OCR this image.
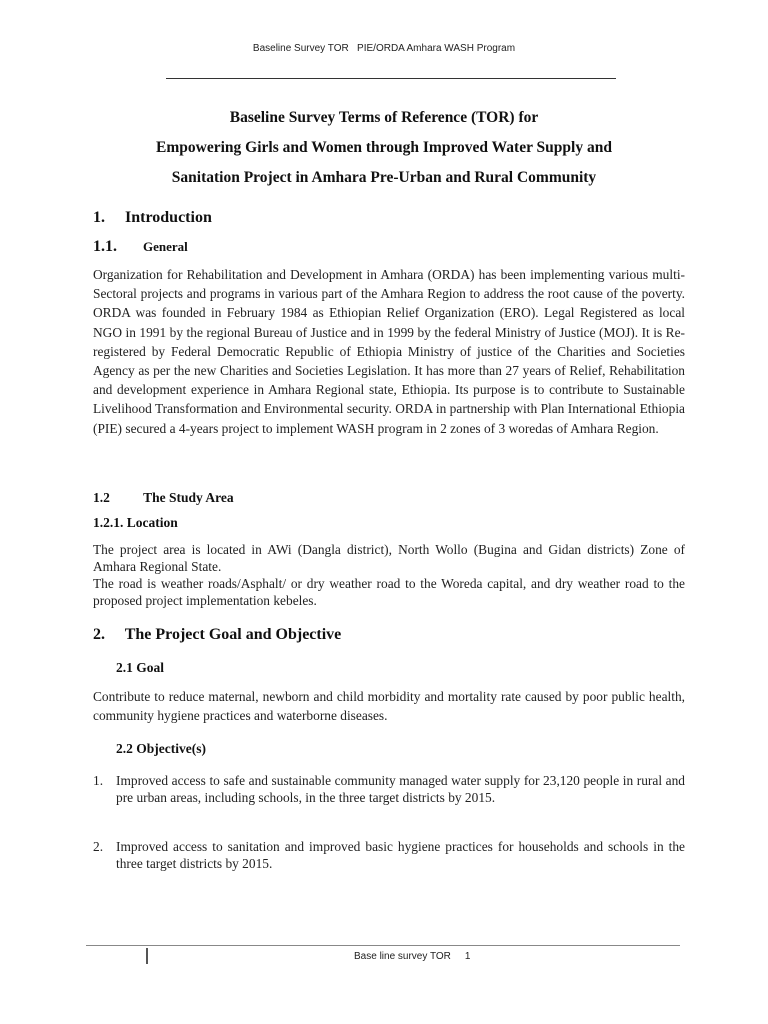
Baseline Survey TOR   PIE/ORDA Amhara WASH Program
Baseline Survey Terms of Reference (TOR) for
Empowering Girls and Women through Improved Water Supply and
Sanitation Project in Amhara Pre-Urban and Rural Community
1. Introduction
1.1. General

Organization for Rehabilitation and Development in Amhara (ORDA) has been implementing various multi-Sectoral projects and programs in various part of the Amhara Region to address the root cause of the poverty. ORDA was founded in February 1984 as Ethiopian Relief Organization (ERO). Legal Registered as local NGO in 1991 by the regional Bureau of Justice and in 1999 by the federal Ministry of Justice (MOJ). It is Re-registered by Federal Democratic Republic of Ethiopia Ministry of justice of the Charities and Societies Agency as per the new Charities and Societies Legislation. It has more than 27 years of Relief, Rehabilitation and development experience in Amhara Regional state, Ethiopia. Its purpose is to contribute to Sustainable Livelihood Transformation and Environmental security. ORDA in partnership with Plan International Ethiopia (PIE) secured a 4-years project to implement WASH program in 2 zones of 3 woredas of Amhara Region.

1.2 The Study Area
1.2.1. Location

The project area is located in AWi (Dangla district), North Wollo (Bugina and Gidan districts) Zone of Amhara Regional State.

The road is weather roads/Asphalt/ or dry weather road to the Woreda capital, and dry weather road to the proposed project implementation kebeles.

2. The Project Goal and Objective
2.1 Goal

Contribute to reduce maternal, newborn and child morbidity and mortality rate caused by poor public health, community hygiene practices and waterborne diseases.

2.2 Objective(s)
1. Improved access to safe and sustainable community managed water supply for 23,120 people in rural and pre urban areas, including schools, in the three target districts by 2015.
2. Improved access to sanitation and improved basic hygiene practices for households and schools in the three target districts by 2015.
Base line survey TOR 1
